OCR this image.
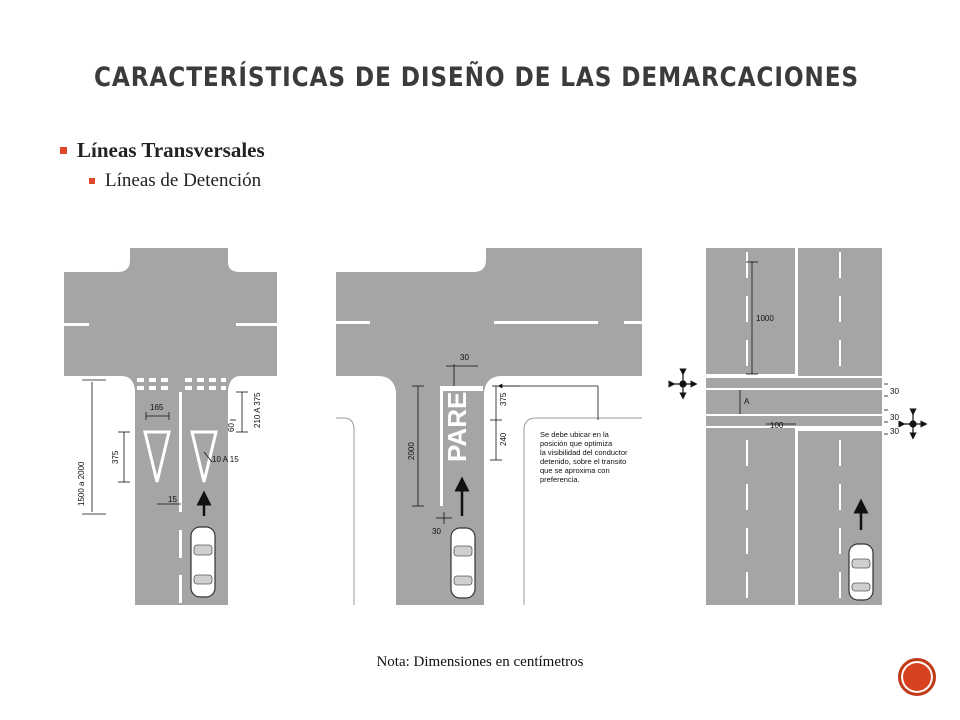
CARACTERÍSTICAS DE DISEÑO DE LAS DEMARCACIONES
Líneas Transversales
Líneas de Detención
1500 a 2000
375
165
60 210 A 375
10 A 15
15
PARE
30
375
240
2000
30
Se debe ubicar en la
posición que optimiza
la visibilidad del conductor
detenido, sobre el transito
que se aproxima con
preferencia.
1000
A
100
30
30
30
Nota: Dimensiones en centímetros
